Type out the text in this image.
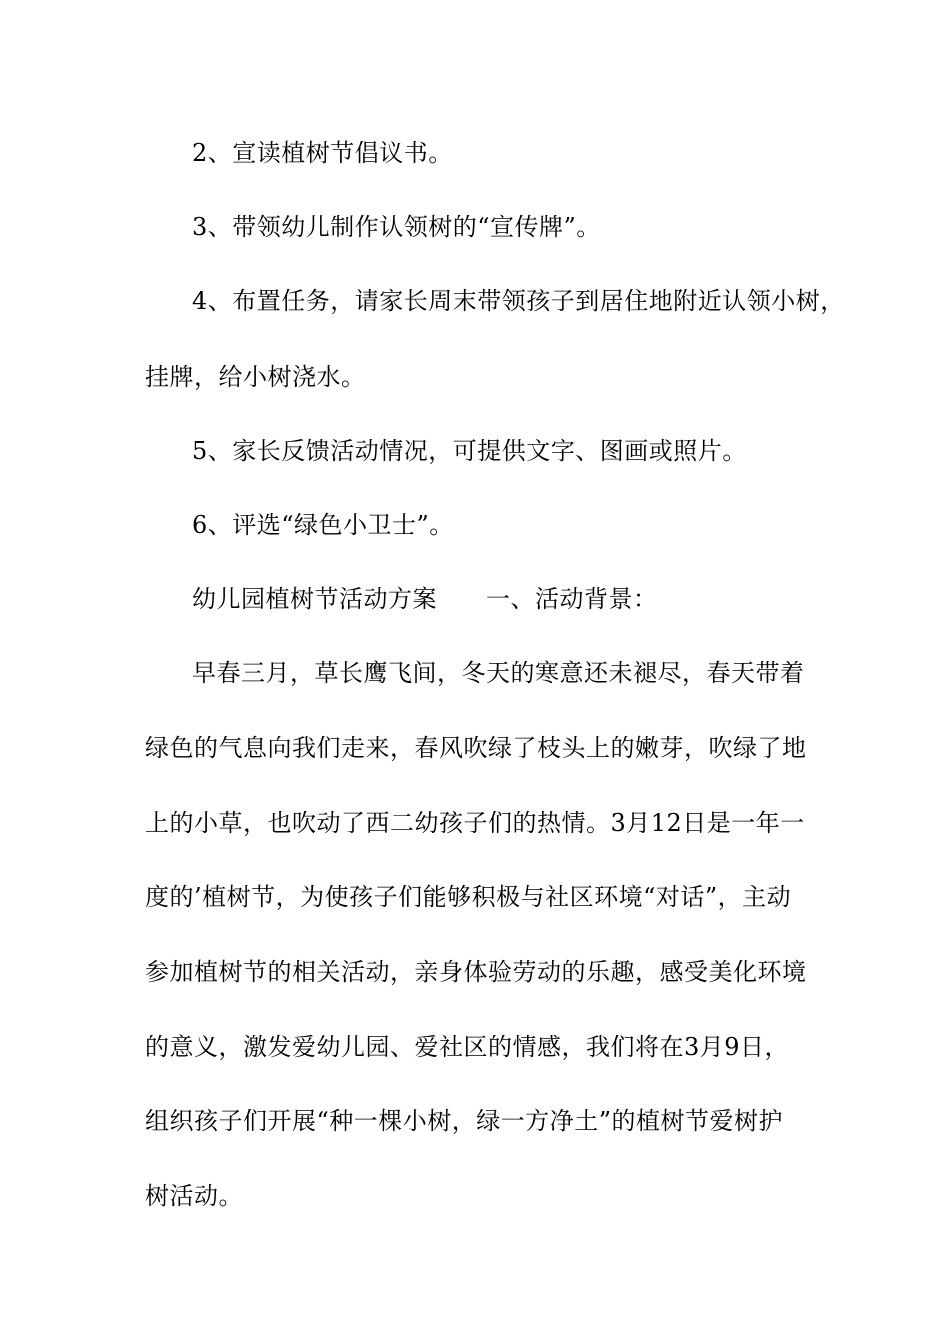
2、宣读植树节倡议书。
3、带领幼儿制作认领树的“宣传牌”。
4、布置任务，请家长周末带领孩子到居住地附近认领小树，
挂牌，给小树浇水。
5、家长反馈活动情况，可提供文字、图画或照片。
6、评选“绿色小卫士”。
幼儿园植树节活动方案　　一、活动背景：
早春三月，草长鹰飞间，冬天的寒意还未褪尽，春天带着
绿色的气息向我们走来，春风吹绿了枝头上的嫩芽，吹绿了地
上的小草，也吹动了西二幼孩子们的热情。3月12日是一年一
度的’植树节，为使孩子们能够积极与社区环境“对话”，主动
参加植树节的相关活动，亲身体验劳动的乐趣，感受美化环境
的意义，激发爱幼儿园、爱社区的情感，我们将在3月9日，
组织孩子们开展“种一棵小树，绿一方净土”的植树节爱树护
树活动。
